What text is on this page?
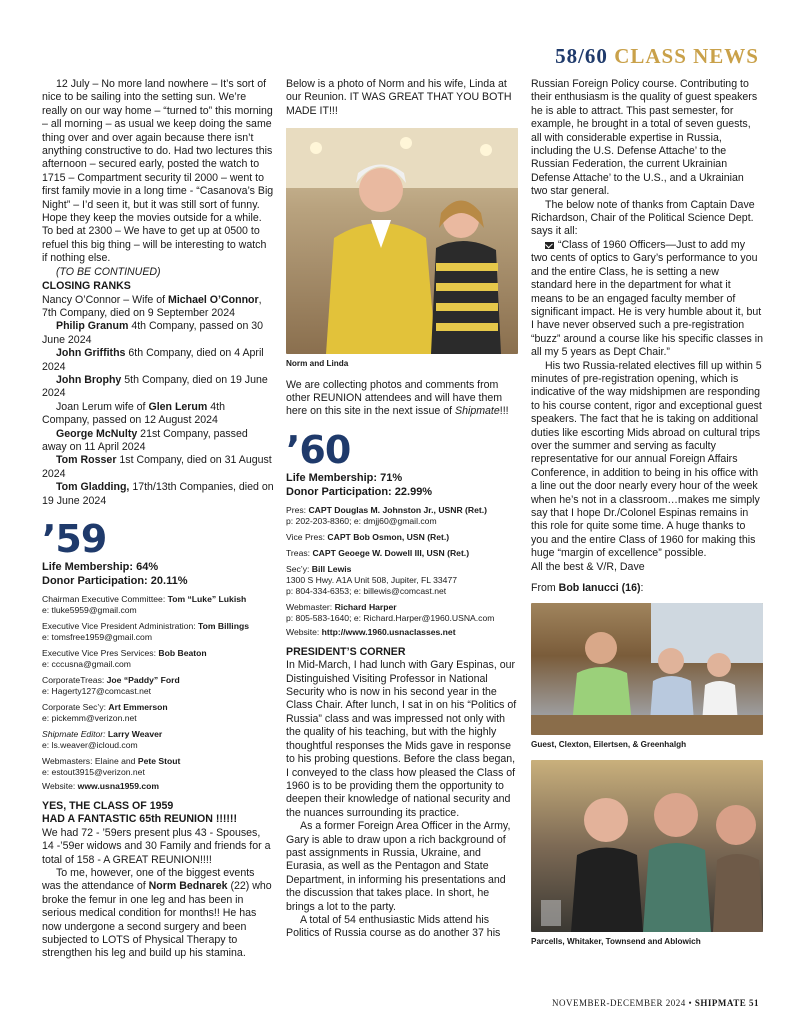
58/60 CLASS NEWS

12 July – No more land nowhere – It’s sort of nice to be sailing into the setting sun. We’re really on our way home – “turned to” this morning – all morning – as usual we keep doing the same thing over and over again because there isn’t anything constructive to do. Had two lectures this afternoon – secured early, posted the watch to 1715 – Compartment security til 2000 – went to first family movie in a long time - “Casanova’s Big Night” – I’d seen it, but it was still sort of funny. Hope they keep the movies outside for a while. To bed at 2300 – We have to get up at 0500 to refuel this big thing – will be interesting to watch if nothing else.

(TO BE CONTINUED)

CLOSING RANKS

Nancy O’Connor – Wife of Michael O’Connor, 7th Company, died on 9 September 2024

Philip Granum 4th Company, passed on 30 June 2024

John Griffiths 6th Company, died on 4 April 2024

John Brophy 5th Company, died on 19 June 2024

Joan Lerum wife of Glen Lerum 4th Company, passed on 12 August 2024

George McNulty 21st Company, passed away on 11 April 2024

Tom Rosser 1st Company, died on 31 August 2024

Tom Gladding, 17th/13th Companies, died on 19 June 2024

’59
Life Membership: 64%
Donor Participation: 20.11%
Chairman Executive Committee: Tom “Luke” Lukish
e: tluke5959@gmail.com
Executive Vice President Administration: Tom Billings
e: tomsfree1959@gmail.com
Executive Vice Pres Services: Bob Beaton
e: cccusna@gmail.com
CorporateTreas: Joe “Paddy” Ford
e: Hagerty127@comcast.net
Corporate Sec’y: Art Emmerson
e: pickemm@verizon.net
Shipmate Editor: Larry Weaver
e: ls.weaver@icloud.com
Webmasters: Elaine and Pete Stout
e: estout3915@verizon.net
Website: www.usna1959.com
YES, THE CLASS OF 1959
HAD A FANTASTIC 65th REUNION !!!!!!

We had 72 - ’59ers present plus 43 - Spouses, 14 -’59er widows and 30 Family and friends for a total of 158 - A GREAT REUNION!!!!

To me, however, one of the biggest events was the attendance of Norm Bednarek (22) who broke the femur in one leg and has been in serious medical condition for months!! He has now undergone a second surgery and been subjected to LOTS of Physical Therapy to strengthen his leg and build up his stamina.

Below is a photo of Norm and his wife, Linda at our Reunion. IT WAS GREAT THAT YOU BOTH MADE IT!!!

Norm and Linda

We are collecting photos and comments from other REUNION attendees and will have them here on this site in the next issue of Shipmate!!!

’60
Life Membership: 71%
Donor Participation: 22.99%
Pres: CAPT Douglas M. Johnston Jr., USNR (Ret.)
p: 202-203-8360; e: dmjj60@gmail.com
Vice Pres: CAPT Bob Osmon, USN (Ret.)
Treas: CAPT Geoege W. Dowell III, USN (Ret.)
Sec’y: Bill Lewis
1300 S Hwy. A1A Unit 508, Jupiter, FL 33477
p: 804-334-6353; e: billewis@comcast.net
Webmaster: Richard Harper
p: 805-583-1640; e: Richard.Harper@1960.USNA.com
Website: http://www.1960.usnaclasses.net
PRESIDENT’S CORNER

In Mid-March, I had lunch with Gary Espinas, our Distinguished Visiting Professor in National Security who is now in his second year in the Class Chair. After lunch, I sat in on his “Politics of Russia” class and was impressed not only with the quality of his teaching, but with the highly thoughtful responses the Mids gave in response to his probing questions. Before the class began, I conveyed to the class how pleased the Class of 1960 is to be providing them the opportunity to deepen their knowledge of national security and the nuances surrounding its practice.

As a former Foreign Area Officer in the Army, Gary is able to draw upon a rich background of past assignments in Russia, Ukraine, and Eurasia, as well as the Pentagon and State Department, in informing his presentations and the discussion that takes place. In short, he brings a lot to the party.

A total of 54 enthusiastic Mids attend his Politics of Russia course as do another 37 his

Russian Foreign Policy course. Contributing to their enthusiasm is the quality of guest speakers he is able to attract. This past semester, for example, he brought in a total of seven guests, all with considerable expertise in Russia, including the U.S. Defense Attache’ to the Russian Federation, the current Ukrainian Defense Attache’ to the U.S., and a Ukrainian two star general.

The below note of thanks from Captain Dave Richardson, Chair of the Political Science Dept. says it all:

“Class of 1960 Officers—Just to add my two cents of optics to Gary’s performance to you and the entire Class, he is setting a new standard here in the department for what it means to be an engaged faculty member of significant impact. He is very humble about it, but I have never observed such a pre-registration “buzz” around a course like his specific classes in all my 5 years as Dept Chair.”

His two Russia-related electives fill up within 5 minutes of pre-registration opening, which is indicative of the way midshipmen are responding to his course content, rigor and exceptional guest speakers. The fact that he is taking on additional duties like escorting Mids abroad on cultural trips over the summer and serving as faculty representative for our annual Foreign Affairs Conference, in addition to being in his office with a line out the door nearly every hour of the week when he’s not in a classroom…makes me simply say that I hope Dr./Colonel Espinas remains in this role for quite some time. A huge thanks to you and the entire Class of 1960 for making this huge “margin of excellence” possible.

All the best & V/R, Dave

From Bob Ianucci (16):

Guest, Clexton, Eilertsen, & Greenhalgh
Parcells, Whitaker, Townsend and Ablowich
NOVEMBER-DECEMBER 2024 • SHIPMATE 51
